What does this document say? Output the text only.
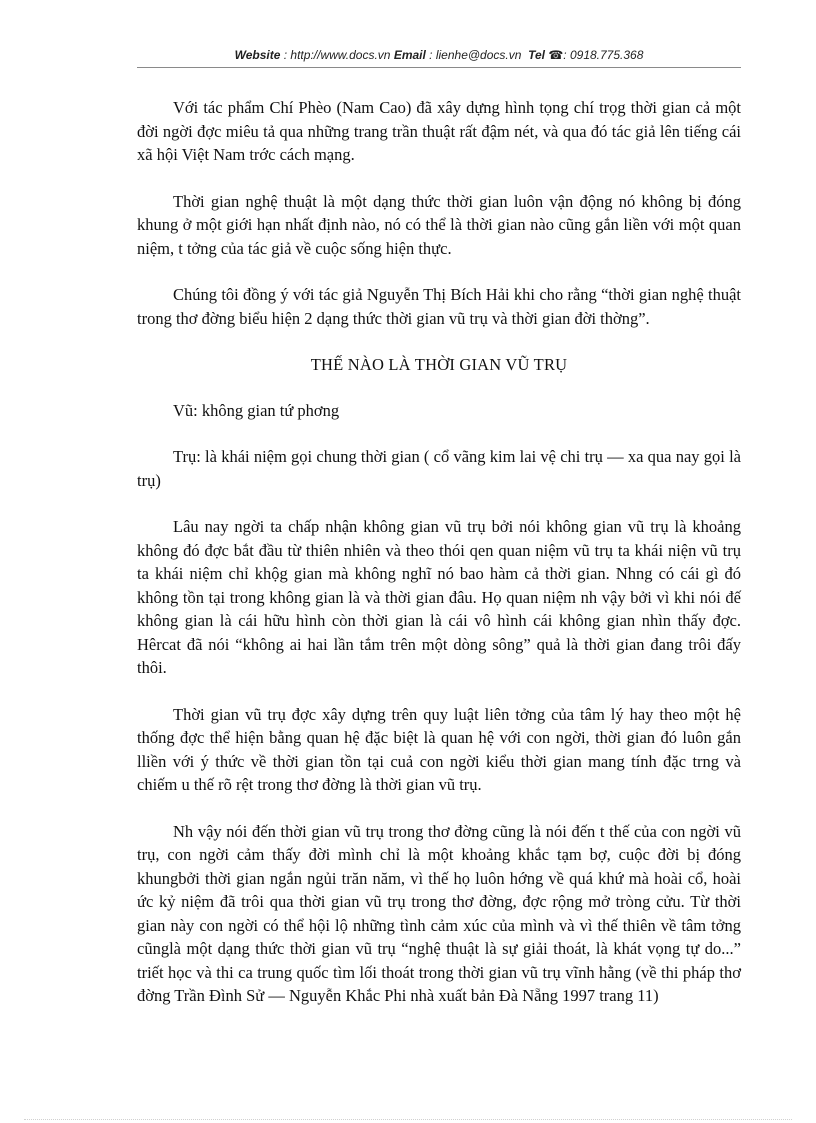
Website : http://www.docs.vn Email : lienhe@docs.vn Tel ☎: 0918.775.368

Với tác phẩm Chí Phèo (Nam Cao) đã xây dựng hình tọng chí trọg thời gian cả một đời ngời đợc miêu tả qua những trang trần thuật rất đậm nét, và qua đó tác giả lên tiếng cái xã hội Việt Nam trớc cách mạng.

Thời gian nghệ thuật là một dạng thức thời gian luôn vận động nó không bị đóng khung ở một giới hạn nhất định nào, nó có thể là thời gian nào cũng gắn liền với một quan niệm, t tởng của tác giả về cuộc sống hiện thực.

Chúng tôi đồng ý với tác giả Nguyễn Thị Bích Hải khi cho rằng “thời gian nghệ thuật trong thơ đờng biểu hiện 2 dạng thức thời gian vũ trụ và thời gian đời thờng”.

THẾ NÀO LÀ THỜI GIAN VŨ TRỤ

Vũ: không gian tứ phơng

Trụ: là khái niệm gọi chung thời gian ( cổ vãng kim lai vệ chi trụ — xa qua nay gọi là trụ)

Lâu nay ngời ta chấp nhận không gian vũ trụ bởi nói không gian vũ trụ là khoảng không đó đợc bắt đầu từ thiên nhiên và theo thói qen quan niệm vũ trụ ta khái niện vũ trụ ta khái niệm chỉ khộg gian mà không nghĩ nó bao hàm cả thời gian. Nhng có cái gì đó không tồn tại trong không gian là và thời gian đâu. Họ quan niệm nh vậy bởi vì khi nói đế không gian là cái hữu hình còn thời gian là cái vô hình cái không gian nhìn thấy đợc. Hêrcat đã nói “không ai hai lần tắm trên một dòng sông” quả là thời gian đang trôi đấy thôi.

Thời gian vũ trụ đợc xây dựng trên quy luật liên tởng của tâm lý hay theo một hệ thống đợc thể hiện bằng quan hệ đặc biệt là quan hệ với con ngời, thời gian đó luôn gắn lliền với ý thức về thời gian tồn tại cuả con ngời kiểu thời gian mang tính đặc trng và chiếm u thế rõ rệt trong thơ đờng là thời gian vũ trụ.

Nh vậy nói đến thời gian vũ trụ trong thơ đờng cũng là nói đến t thế của con ngời vũ trụ, con ngời cảm thấy đời mình chỉ là một khoảng khắc tạm bợ, cuộc đời bị đóng khungbởi thời gian ngắn ngủi trăn năm, vì thế họ luôn hớng về quá khứ mà hoài cổ, hoài ức kỷ niệm đã trôi qua thời gian vũ trụ trong thơ đờng, đợc rộng mở tròng cửu. Từ thời gian này con ngời có thể hội lộ những tình cảm xúc của mình và vì thế thiên về tâm tởng cũnglà một dạng thức thời gian vũ trụ “nghệ thuật là sự giải thoát, là khát vọng tự do...” triết học và thi ca trung quốc tìm lối thoát trong thời gian vũ trụ vĩnh hằng (về thi pháp thơ đờng Trần Đình Sử — Nguyễn Khắc Phi nhà xuất bản Đà Nẵng 1997 trang 11)
